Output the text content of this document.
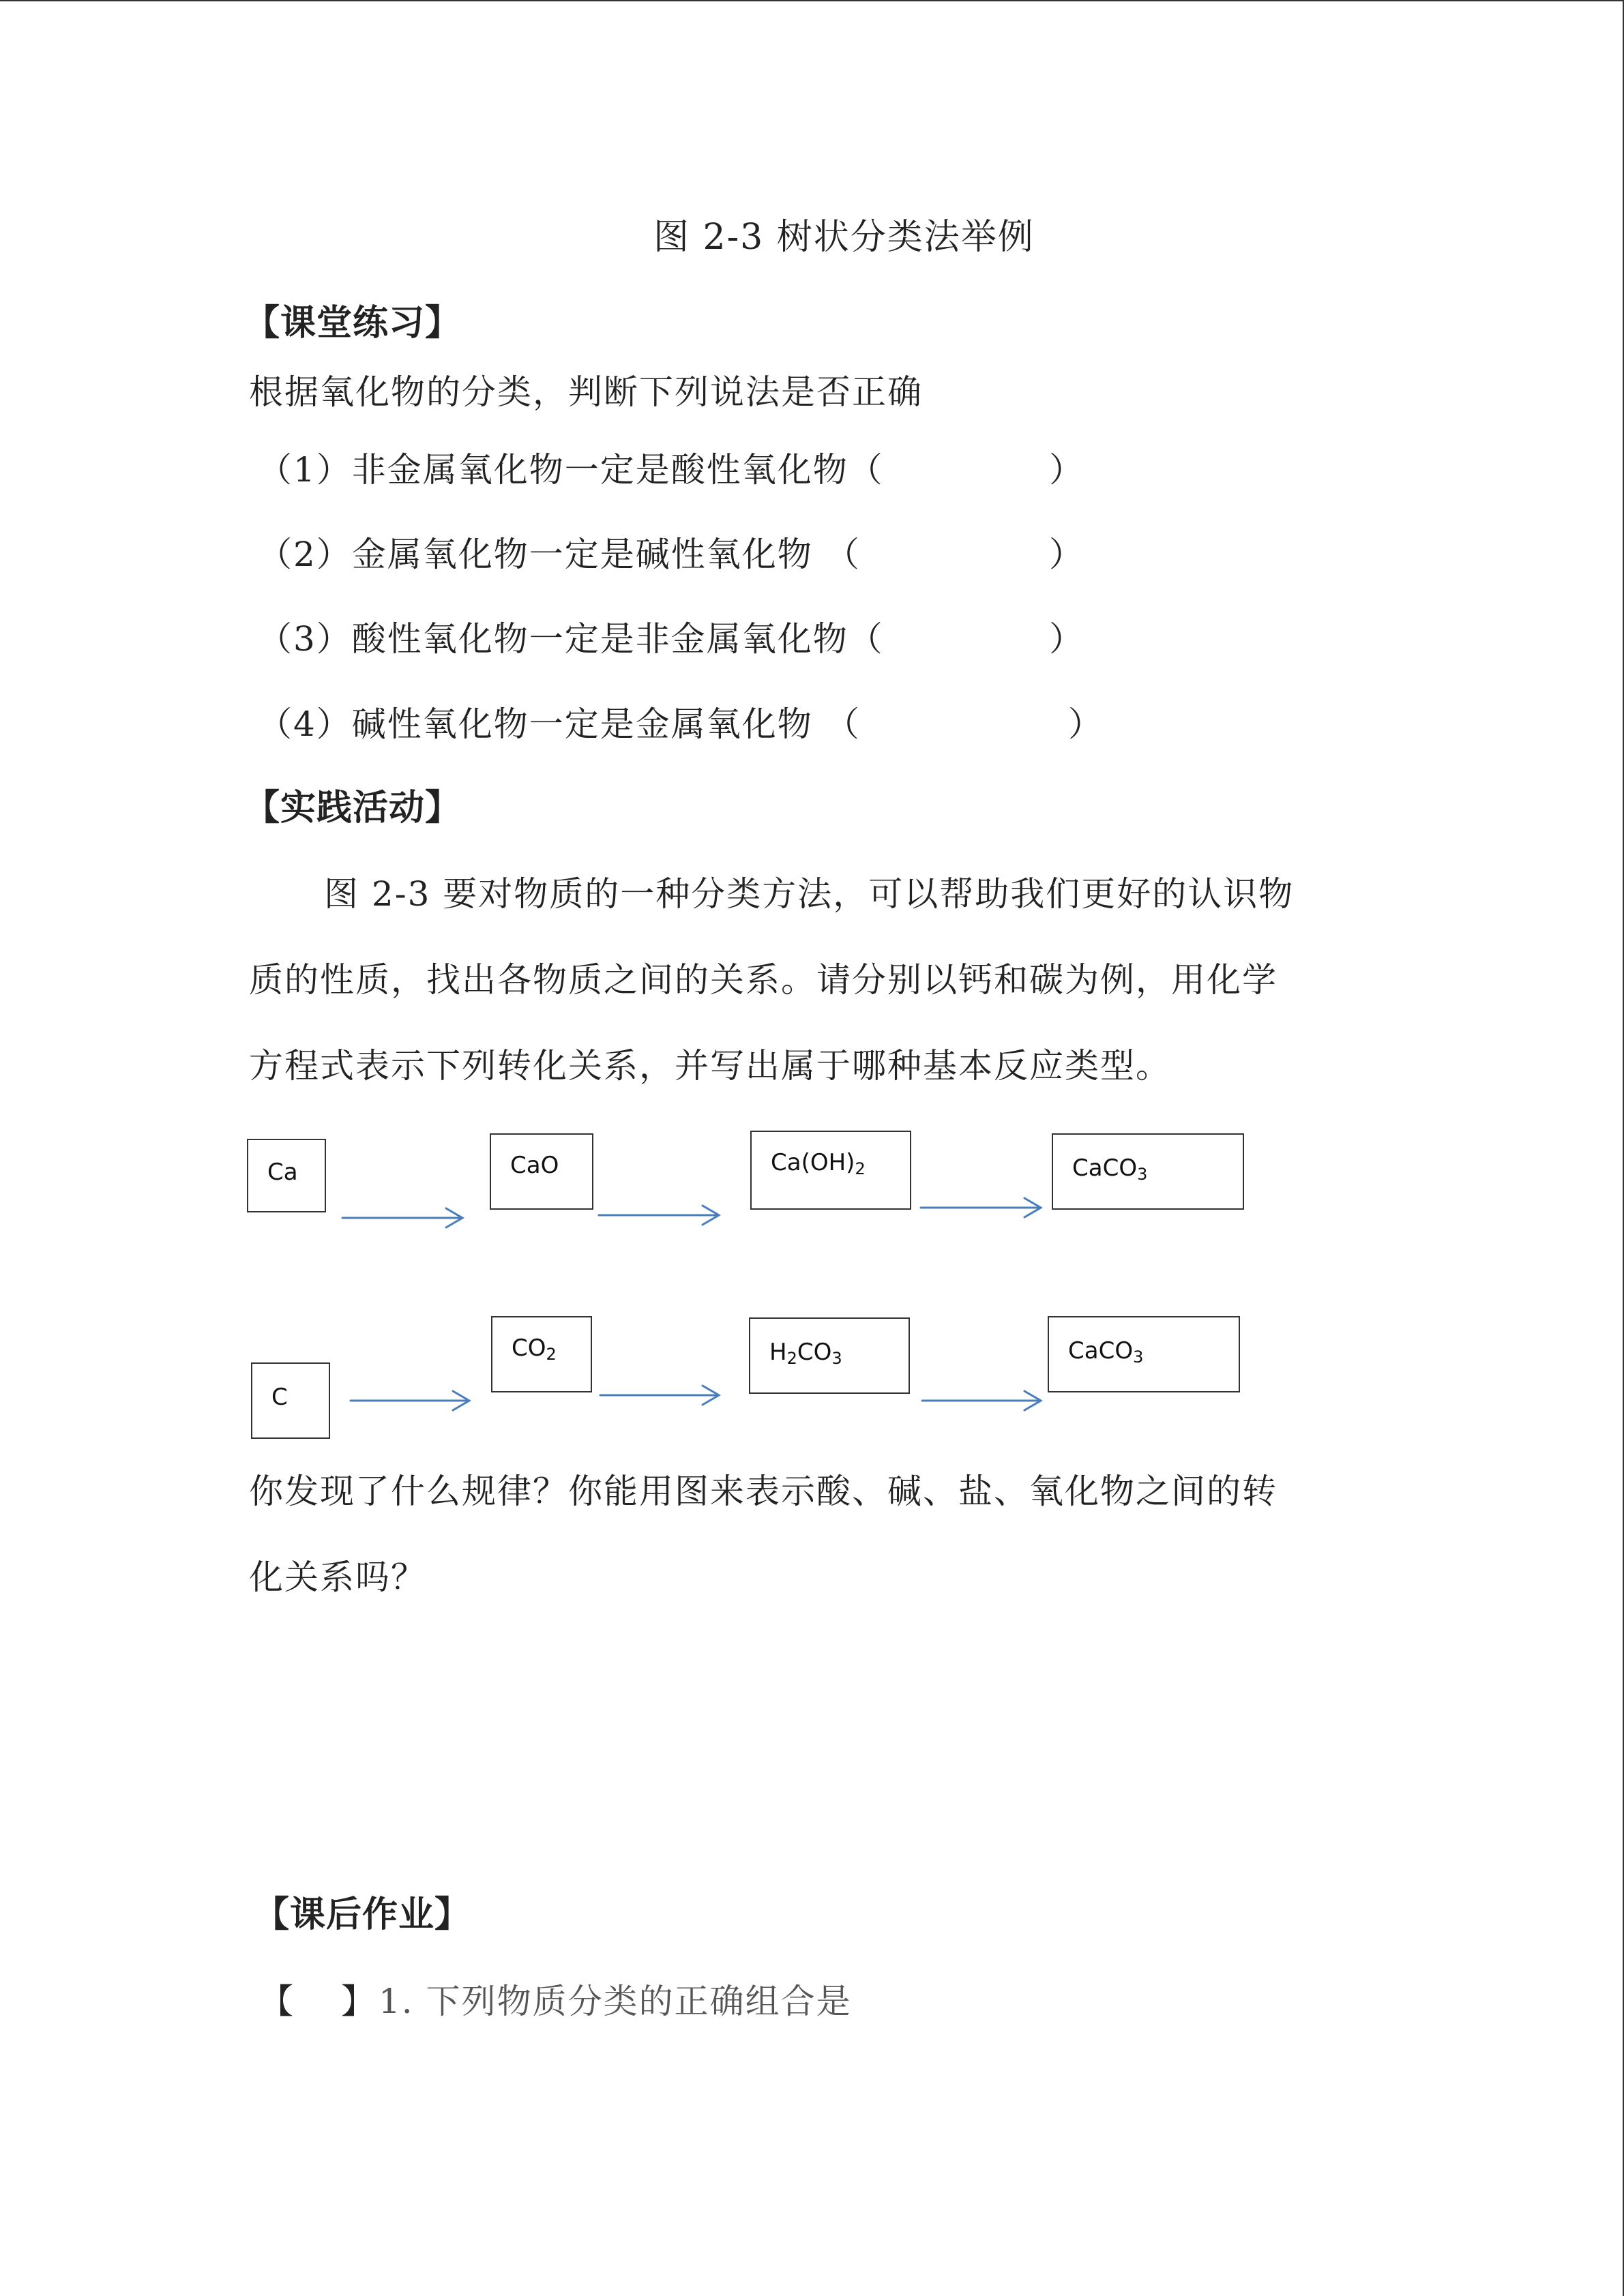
图 2-3 树状分类法举例
【课堂练习】
根据氧化物的分类，判断下列说法是否正确
（1）非金属氧化物一定是酸性氧化物（	）
（2）金属氧化物一定是碱性氧化物 （	）
（3）酸性氧化物一定是非金属氧化物（	）
（4）碱性氧化物一定是金属氧化物 （	）
【实践活动】
图 2-3 要对物质的一种分类方法，可以帮助我们更好的认识物
质的性质，找出各物质之间的关系。请分别以钙和碳为例，用化学
方程式表示下列转化关系，并写出属于哪种基本反应类型。
Ca	CaO	$Ca(OH)_2$	CaCO$_3$
C
$CO_2$	$H_2CO_3$	CaCO$_3$
你发现了什么规律？你能用图来表示酸、碱、盐、氧化物之间的转
化关系吗？
【课后作业】
【 】 1. 下列物质分类的正确组合是
